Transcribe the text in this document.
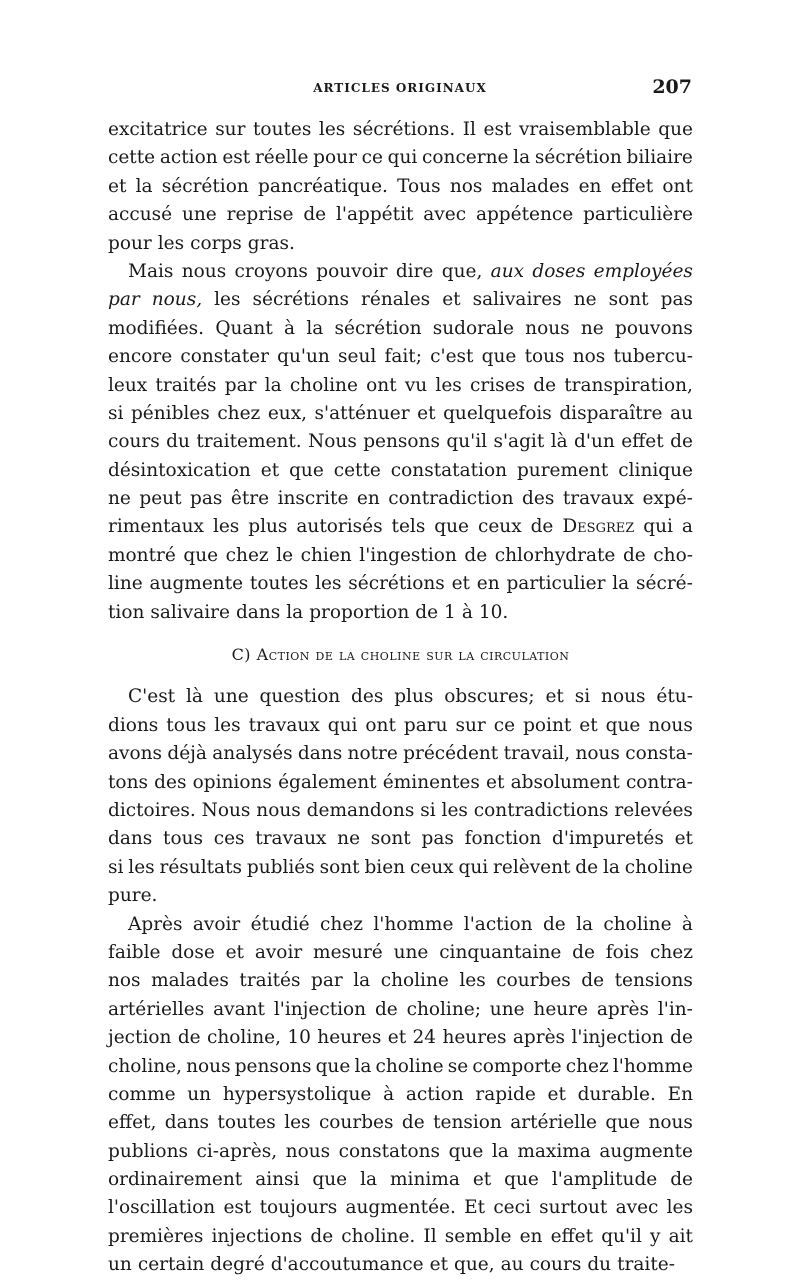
ARTICLES ORIGINAUX	207
excitatrice sur toutes les sécrétions. Il est vraisemblable que
cette action est réelle pour ce qui concerne la sécrétion biliaire
et la sécrétion pancréatique. Tous nos malades en effet ont
accusé une reprise de l'appétit avec appétence particulière
pour les corps gras.
Mais nous croyons pouvoir dire que, aux doses employées
par nous, les sécrétions rénales et salivaires ne sont pas
modifiées. Quant à la sécrétion sudorale nous ne pouvons
encore constater qu'un seul fait; c'est que tous nos tubercu-
leux traités par la choline ont vu les crises de transpiration,
si pénibles chez eux, s'atténuer et quelquefois disparaître au
cours du traitement. Nous pensons qu'il s'agit là d'un effet de
désintoxication et que cette constatation purement clinique
ne peut pas être inscrite en contradiction des travaux expé-
rimentaux les plus autorisés tels que ceux de Desgrez qui a
montré que chez le chien l'ingestion de chlorhydrate de cho-
line augmente toutes les sécrétions et en particulier la sécré-
tion salivaire dans la proportion de 1 à 10.
C) Action de la choline sur la circulation
C'est là une question des plus obscures; et si nous étu-
dions tous les travaux qui ont paru sur ce point et que nous
avons déjà analysés dans notre précédent travail, nous consta-
tons des opinions également éminentes et absolument contra-
dictoires. Nous nous demandons si les contradictions relevées
dans tous ces travaux ne sont pas fonction d'impuretés et
si les résultats publiés sont bien ceux qui relèvent de la choline
pure.
Après avoir étudié chez l'homme l'action de la choline à
faible dose et avoir mesuré une cinquantaine de fois chez
nos malades traités par la choline les courbes de tensions
artérielles avant l'injection de choline; une heure après l'in-
jection de choline, 10 heures et 24 heures après l'injection de
choline, nous pensons que la choline se comporte chez l'homme
comme un hypersystolique à action rapide et durable. En
effet, dans toutes les courbes de tension artérielle que nous
publions ci-après, nous constatons que la maxima augmente
ordinairement ainsi que la minima et que l'amplitude de
l'oscillation est toujours augmentée. Et ceci surtout avec les
premières injections de choline. Il semble en effet qu'il y ait
un certain degré d'accoutumance et que, au cours du traite-
